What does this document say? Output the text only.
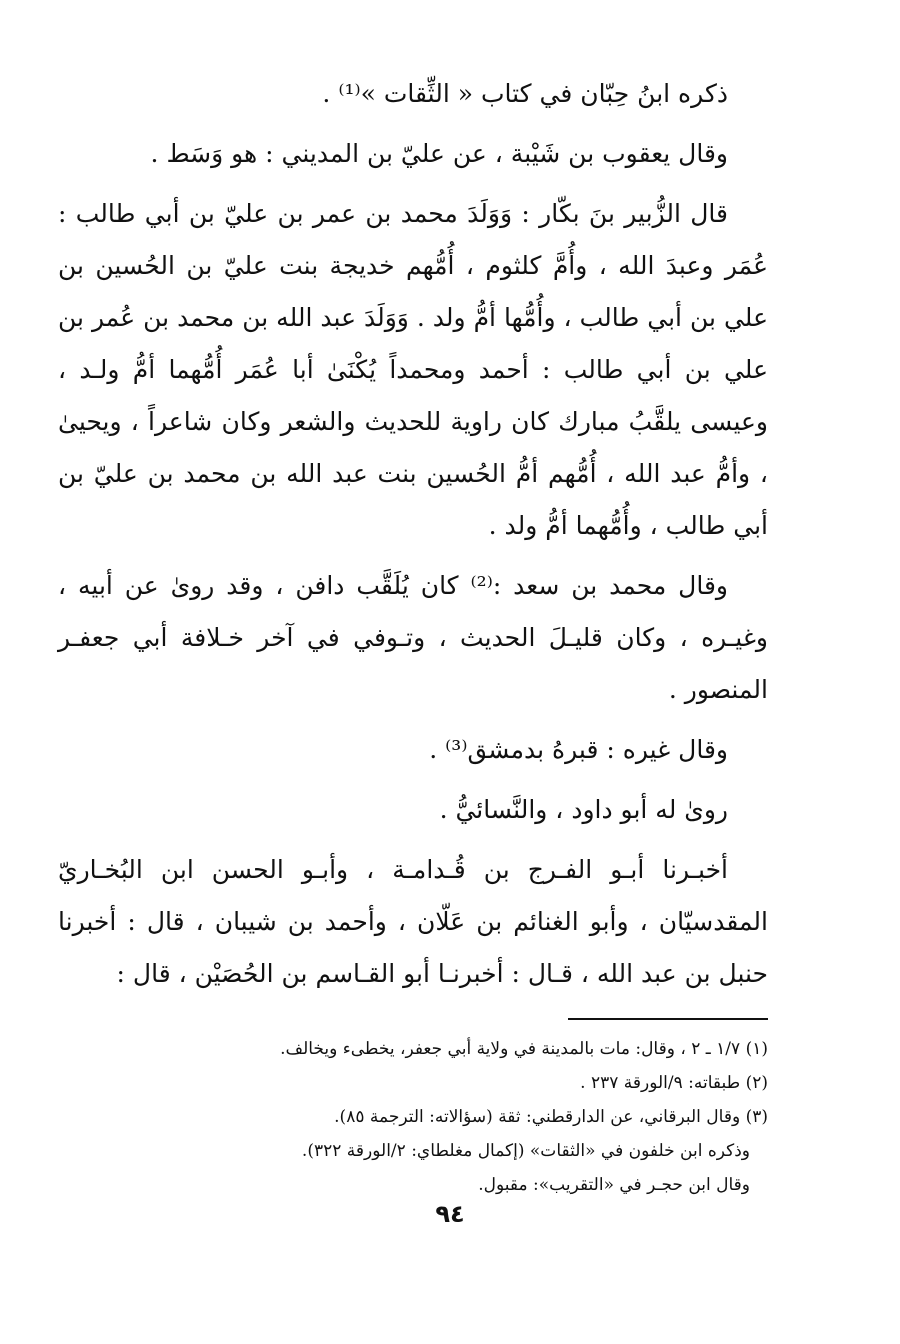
ذكره ابنُ حِبّان في كتاب « الثِّقات »⁽¹⁾ .

وقال يعقوب بن شَيْبة ، عن عليّ بن المديني : هو وَسَط .

قال الزُّبير بنَ بكّار : وَوَلَدَ محمد بن عمر بن عليّ بن أبي طالب : عُمَر وعبدَ الله ، وأُمَّ كلثوم ، أُمُّهم خديجة بنت عليّ بن الحُسين بن علي بن أبي طالب ، وأُمُّها أمُّ ولد . وَوَلَدَ عبد الله بن محمد بن عُمر بن علي بن أبي طالب : أحمد ومحمداً يُكْنَىٰ أبا عُمَر أُمُّهما أمُّ ولـد ، وعيسى يلقَّبُ مبارك كان راوية للحديث والشعر وكان شاعراً ، ويحيىٰ ، وأمُّ عبد الله ، أُمُّهم أمُّ الحُسين بنت عبد الله بن محمد بن عليّ بن أبي طالب ، وأُمُّهما أمُّ ولد .

وقال محمد بن سعد :⁽²⁾ كان يُلَقَّب دافن ، وقد روىٰ عن أبيه ، وغيـره ، وكان قليـلَ الحديث ، وتـوفي في آخر خـلافة أبي جعفـر المنصور .

وقال غيره : قبرهُ بدمشق⁽³⁾ .

روىٰ له أبو داود ، والنَّسائيُّ .

أخبـرنا أبـو الفـرج بن قُـدامـة ، وأبـو الحسن ابن البُخـاريّ المقدسيّان ، وأبو الغنائم بن عَلّان ، وأحمد بن شيبان ، قال : أخبرنا حنبل بن عبد الله ، قـال : أخبرنـا أبو القـاسم بن الحُصَيْن ، قال :

(١) ١/٧ ـ ٢ ، وقال: مات بالمدينة في ولاية أبي جعفر، يخطىء ويخالف.

(٢) طبقاته: ٩/الورقة ٢٣٧ .

(٣) وقال البرقاني، عن الدارقطني: ثقة (سؤالاته: الترجمة ٨٥).

وذكره ابن خلفون في «الثقات» (إكمال مغلطاي: ٢/الورقة ٣٢٢).

وقال ابن حجـر في «التقريب»: مقبول.

٩٤
